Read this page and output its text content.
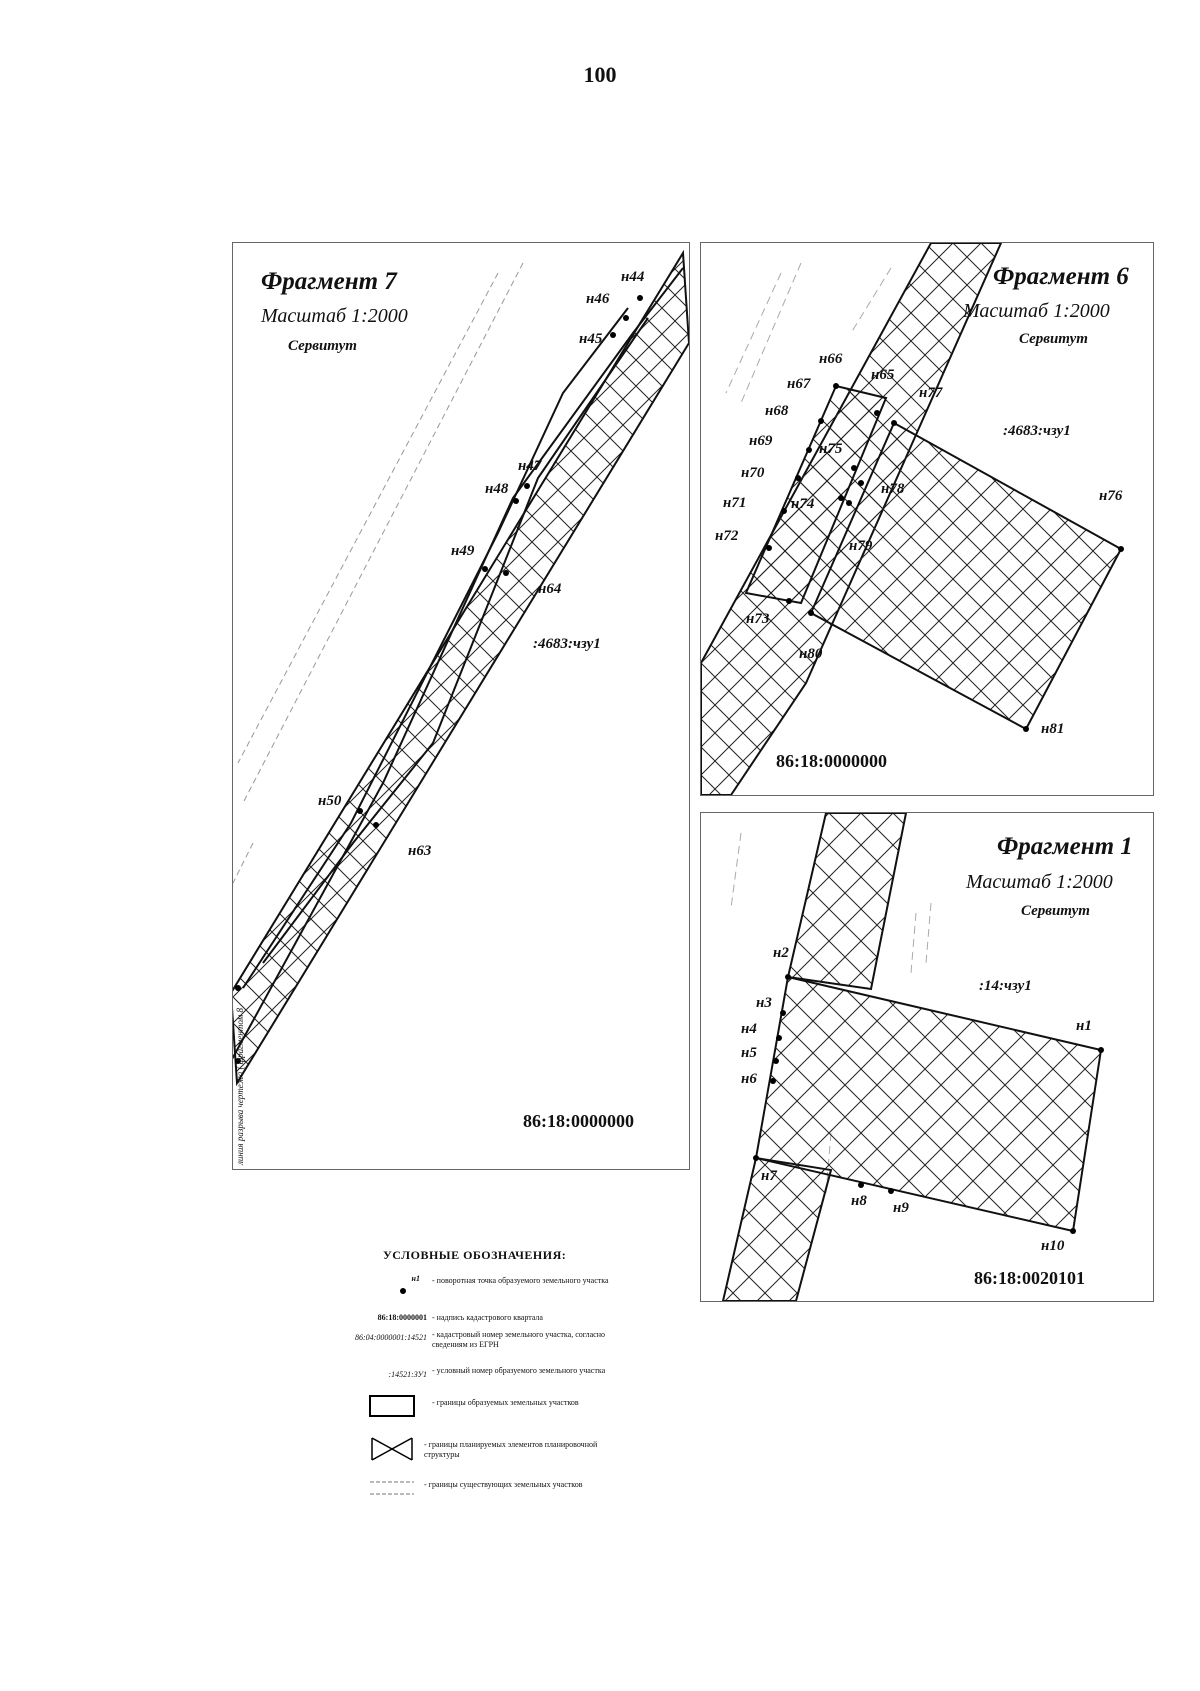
100
Фрагмент 7
Масштаб 1:2000
Сервитут
н44
н46
н45
н47
н48
н49
н64
н50
н63
:4683:чзу1
86:18:0000000
линия разрыва чертежа ( фрагментом 8
Фрагмент 6
Масштаб 1:2000
Сервитут
н66
н65
н77
н67
н68
н69	н75
н70
н78
н71	н74	н76
н72
н79
н73
н80
н81
:4683:чзу1
86:18:0000000
Фрагмент 1
Масштаб 1:2000
Сервитут
н2
н3
н4
н5
н6
н1
н7
н8 н9
н10
:14:чзу1
86:18:0020101
УСЛОВНЫЕ ОБОЗНАЧЕНИЯ:
н1 - поворотная точка образуемого земельного участка
86:18:0000001 - надпись кадастрового квартала
86:04:0000001:14521 - кадастровый номер земельного участка, согласно сведениям из ЕГРН
:14521:ЗУ1 - условный номер образуемого земельного участка
- границы образуемых земельных участков
- границы планируемых элементов планировочной структуры
- границы существующих земельных участков
